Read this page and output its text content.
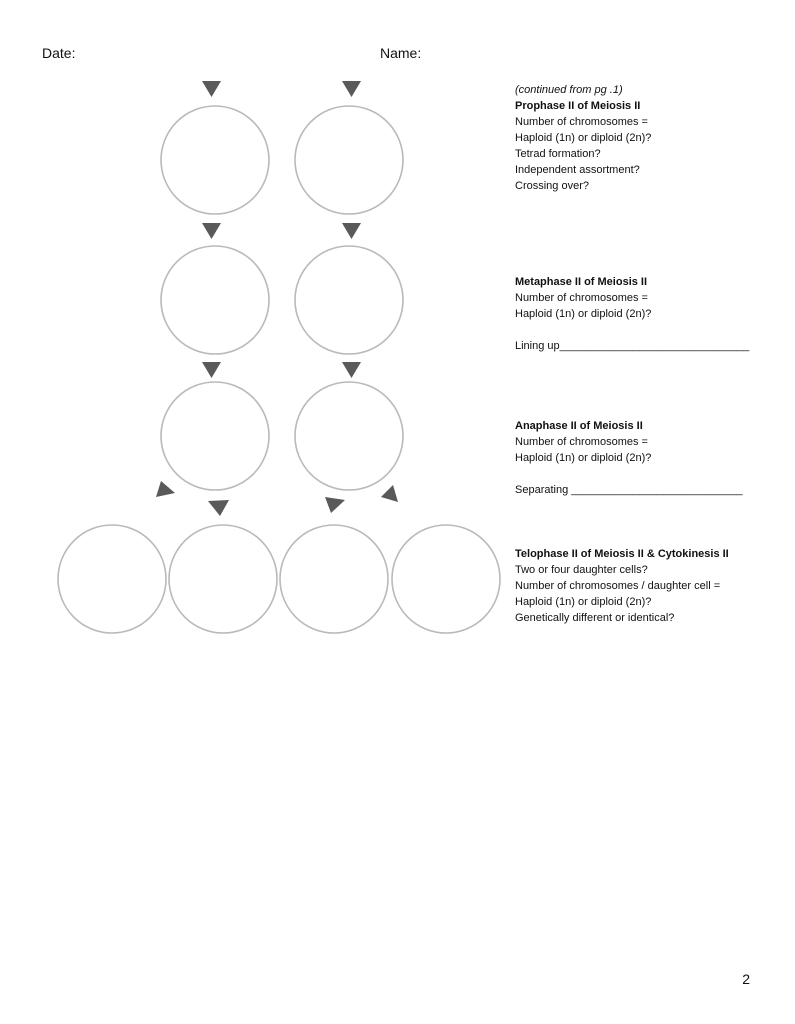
Date:	Name:
(continued from pg .1)
Prophase II of Meiosis II
Number of chromosomes =
Haploid (1n) or diploid (2n)?
Tetrad formation?
Independent assortment?
Crossing over?
Metaphase II of Meiosis II
Number of chromosomes =
Haploid (1n) or diploid (2n)?
Lining up_______________________________
Anaphase II of Meiosis II
Number of chromosomes =
Haploid (1n) or diploid (2n)?
Separating ____________________________
Telophase II of Meiosis II & Cytokinesis II
Two or four daughter cells?
Number of chromosomes / daughter cell =
Haploid (1n) or diploid (2n)?
Genetically different or identical?
2
